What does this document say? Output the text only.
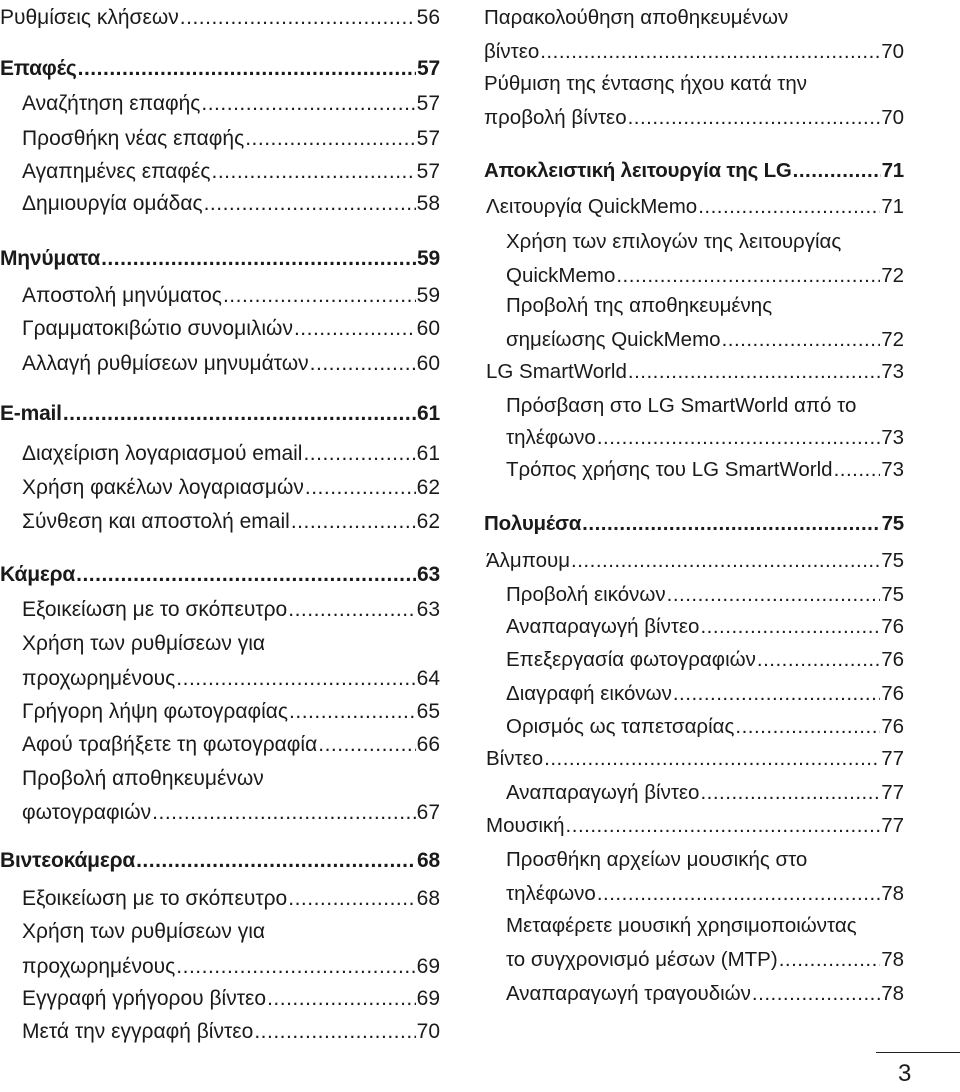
Ρυθμίσεις κλήσεων .....	56
Επαφές .....	57
Αναζήτηση επαφής .....	57
Προσθήκη νέας επαφής .....	57
Αγαπημένες επαφές .....	57
Δημιουργία ομάδας .....	58
Μηνύματα .....	59
Αποστολή μηνύματος .....	59
Γραμματοκιβώτιο συνομιλιών .....	60
Αλλαγή ρυθμίσεων μηνυμάτων .....	60
E-mail .....	61
Διαχείριση λογαριασμού email .....	61
Χρήση φακέλων λογαριασμών .....	62
Σύνθεση και αποστολή email .....	62
Κάμερα .....	63
Εξοικείωση με το σκόπευτρο .....	63
Χρήση των ρυθμίσεων για
προχωρημένους .....	64
Γρήγορη λήψη φωτογραφίας .....	65
Αφού τραβήξετε τη φωτογραφία .....	66
Προβολή αποθηκευμένων
φωτογραφιών .....	67
Βιντεοκάμερα .....	68
Εξοικείωση με το σκόπευτρο .....	68
Χρήση των ρυθμίσεων για
προχωρημένους .....	69
Εγγραφή γρήγορου βίντεο .....	69
Μετά την εγγραφή βίντεο .....	70
Παρακολούθηση αποθηκευμένων
βίντεο .....	70
Ρύθμιση της έντασης ήχου κατά την
προβολή βίντεο .....	70
Αποκλειστική λειτουργία της LG .....	71
Λειτουργία QuickMemo .....	71
Χρήση των επιλογών της λειτουργίας
QuickMemo .....	72
Προβολή της αποθηκευμένης
σημείωσης QuickMemo .....	72
LG SmartWorld .....	73
Πρόσβαση στο LG SmartWorld από το
τηλέφωνο .....	73
Τρόπος χρήσης του LG SmartWorld ..... 73
Πολυμέσα .....	75
Άλμπουμ .....	75
Προβολή εικόνων .....	75
Αναπαραγωγή βίντεο .....	76
Επεξεργασία φωτογραφιών .....	76
Διαγραφή εικόνων .....	76
Ορισμός ως ταπετσαρίας .....	76
Βίντεο .....	77
Αναπαραγωγή βίντεο .....	77
Μουσική .....	77
Προσθήκη αρχείων μουσικής στο
τηλέφωνο .....	78
Μεταφέρετε μουσική χρησιμοποιώντας
το συγχρονισμό μέσων (MTP) .....	78
Αναπαραγωγή τραγουδιών .....	78
3
